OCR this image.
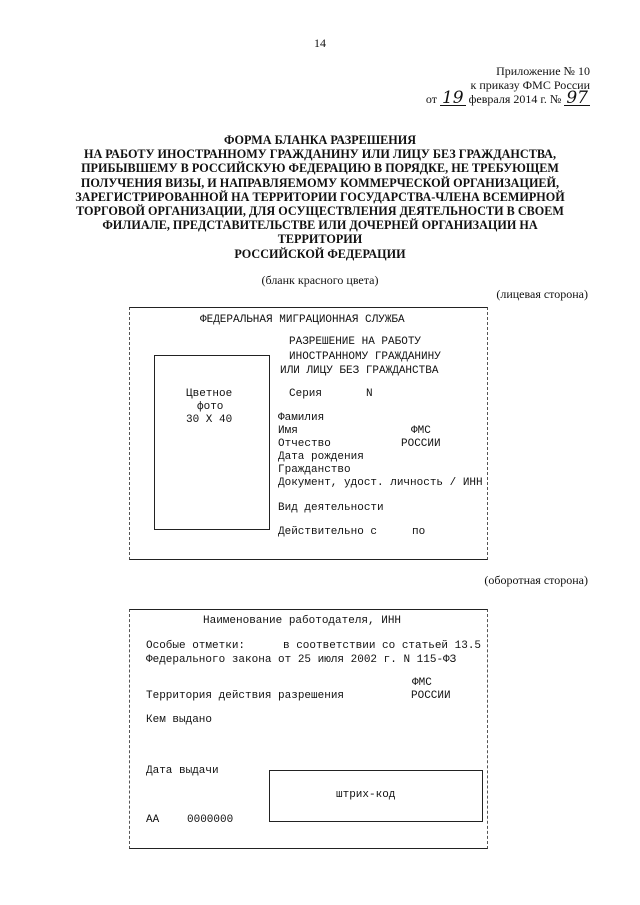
14
Приложение № 10
к приказу ФМС России
от 19 февраля 2014 г. № 97
ФОРМА БЛАНКА РАЗРЕШЕНИЯ
НА РАБОТУ ИНОСТРАННОМУ ГРАЖДАНИНУ ИЛИ ЛИЦУ БЕЗ ГРАЖДАНСТВА,
ПРИБЫВШЕМУ В РОССИЙСКУЮ ФЕДЕРАЦИЮ В ПОРЯДКЕ, НЕ ТРЕБУЮЩЕМ
ПОЛУЧЕНИЯ ВИЗЫ, И НАПРАВЛЯЕМОМУ КОММЕРЧЕСКОЙ ОРГАНИЗАЦИЕЙ,
ЗАРЕГИСТРИРОВАННОЙ НА ТЕРРИТОРИИ ГОСУДАРСТВА-ЧЛЕНА ВСЕМИРНОЙ
ТОРГОВОЙ ОРГАНИЗАЦИИ, ДЛЯ ОСУЩЕСТВЛЕНИЯ ДЕЯТЕЛЬНОСТИ В СВОЕМ
ФИЛИАЛЕ, ПРЕДСТАВИТЕЛЬСТВЕ ИЛИ ДОЧЕРНЕЙ ОРГАНИЗАЦИИ НА
ТЕРРИТОРИИ
РОССИЙСКОЙ ФЕДЕРАЦИИ
(бланк красного цвета)
(лицевая сторона)
ФЕДЕРАЛЬНАЯ МИГРАЦИОННАЯ СЛУЖБА
РАЗРЕШЕНИЕ НА РАБОТУ
ИНОСТРАННОМУ ГРАЖДАНИНУ
ИЛИ ЛИЦУ БЕЗ ГРАЖДАНСТВА
Цветное
фото
30 Х 40
Серия	N
Фамилия
Имя	ФМС
Отчество	РОССИИ
Дата рождения
Гражданство
Документ, удост. личность / ИНН
Вид деятельности
Действительно с	по
(оборотная сторона)
Наименование работодателя, ИНН
Особые отметки:	в соответствии со статьей 13.5
Федерального закона от 25 июля 2002 г. N 115-ФЗ
ФМС
Территория действия разрешения	РОССИИ
Кем выдано
Дата выдачи
штрих-код
АА	0000000
